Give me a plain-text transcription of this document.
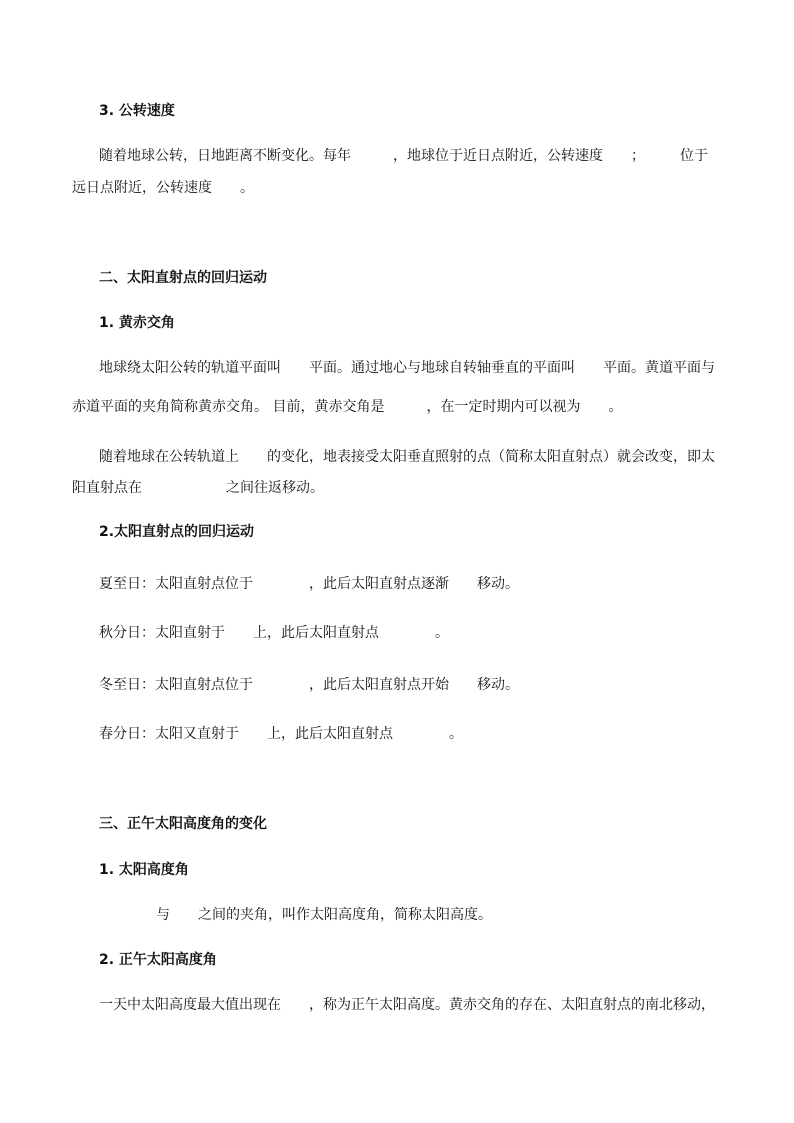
3. 公转速度
随着地球公转，日地距离不断变化。每年　　　，地球位于近日点附近，公转速度　　；　　　位于
远日点附近，公转速度　　。
二、太阳直射点的回归运动
1. 黄赤交角
地球绕太阳公转的轨道平面叫　　平面。通过地心与地球自转轴垂直的平面叫　　平面。黄道平面与
赤道平面的夹角简称黄赤交角。 目前，黄赤交角是　　　，在一定时期内可以视为　　。
随着地球在公转轨道上　　的变化，地表接受太阳垂直照射的点（简称太阳直射点）就会改变，即太
阳直射点在　　　　　　之间往返移动。
2.太阳直射点的回归运动
夏至日：太阳直射点位于　　　　，此后太阳直射点逐渐　　移动。
秋分日：太阳直射于　　上，此后太阳直射点　　　　。
冬至日：太阳直射点位于　　　　，此后太阳直射点开始　　移动。
春分日：太阳又直射于　　上，此后太阳直射点　　　　。
三、正午太阳高度角的变化
1. 太阳高度角
与　　之间的夹角，叫作太阳高度角，简称太阳高度。
2. 正午太阳高度角
一天中太阳高度最大值出现在　　，称为正午太阳高度。黄赤交角的存在、太阳直射点的南北移动，
